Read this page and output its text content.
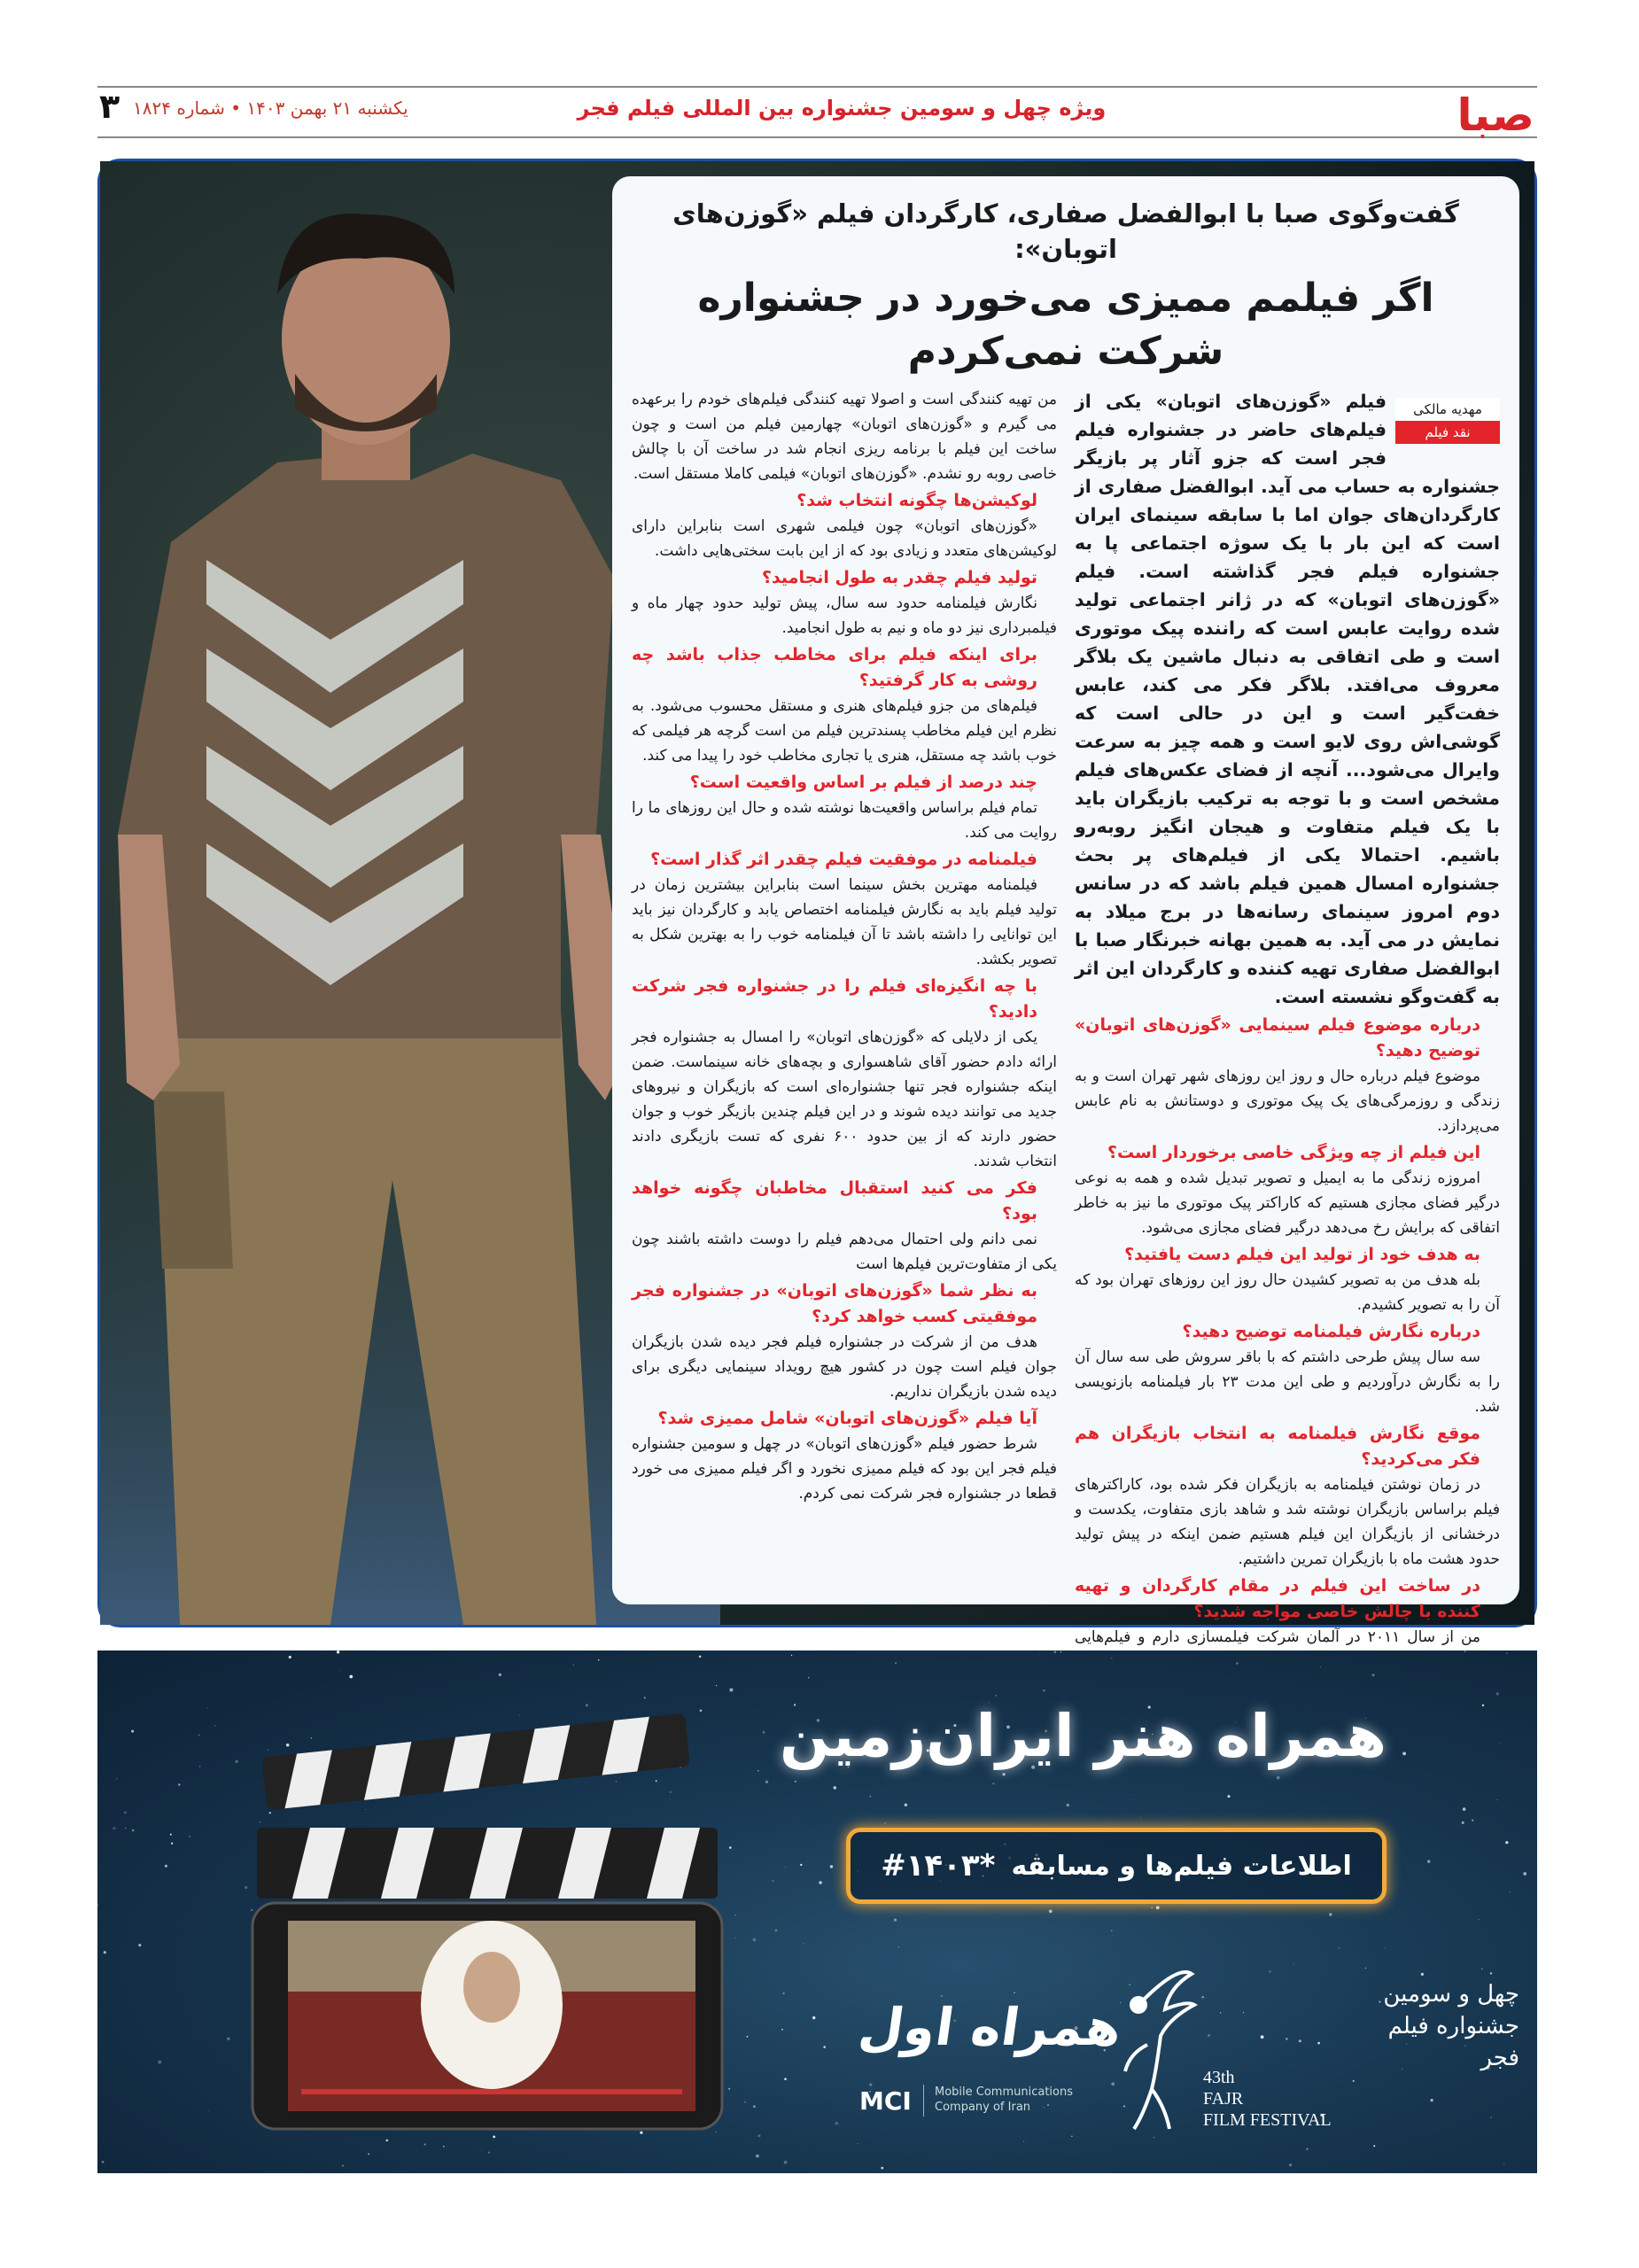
صبا
ویژه چهل و سومین جشنواره بین المللی فیلم فجر
یکشنبه ۲۱ بهمن ۱۴۰۳ • شماره ۱۸۲۴
۳
گفت‌وگوی صبا با ابوالفضل صفاری، کارگردان فیلم «گوزن‌های اتوبان»:
اگر فیلمم ممیزی می‌خورد در جشنواره شرکت نمی‌کردم
مهدیه مالکی
نقد فیلم

فیلم «گوزن‌های اتوبان» یکی از فیلم‌های حاضر در جشنواره فیلم فجر است که جزو آثار پر بازیگر جشنواره به حساب می آید. ابوالفضل صفاری از کارگردان‌های جوان اما با سابقه سینمای ایران است که این بار با یک سوژه اجتماعی پا به جشنواره فیلم فجر گذاشته است. فیلم «گوزن‌های اتوبان» که در ژانر اجتماعی تولید شده روایت عابس است که راننده پیک موتوری است و طی اتفاقی به دنبال ماشین یک بلاگر معروف می‌افتد. بلاگر فکر می کند، عابس خفت‌گیر است و این در حالی است که گوشی‌اش روی لایو است و همه چیز به سرعت وایرال می‌شود... آنچه از فضای عکس‌های فیلم مشخص است و با توجه به ترکیب بازیگران باید با یک فیلم متفاوت و هیجان انگیز روبه‌رو باشیم. احتمالا یکی از فیلم‌های پر بحث جشنواره امسال همین فیلم باشد که در سانس دوم امروز سینمای رسانه‌ها در برج میلاد به نمایش در می آید. به همین بهانه خبرنگار صبا با ابوالفضل صفاری تهیه کننده و کارگردان این اثر به گفت‌وگو نشسته است.

درباره موضوع فیلم سینمایی «گوزن‌های اتوبان» توضیح دهید؟

موضوع فیلم درباره حال و روز این روزهای شهر تهران است و به زندگی و روزمرگی‌های یک پیک موتوری و دوستانش به نام عابس می‌پردازد.

این فیلم از چه ویژگی خاصی برخوردار است؟

امروزه زندگی ما به ایمیل و تصویر تبدیل شده و همه به نوعی درگیر فضای مجازی هستیم که کاراکتر پیک موتوری ما نیز به خاطر اتفاقی که برایش رخ می‌دهد درگیر فضای مجازی می‌شود.

به هدف خود از تولید این فیلم دست یافتید؟

بله هدف من به تصویر کشیدن حال روز این روزهای تهران بود که آن را به تصویر کشیدم.

درباره نگارش فیلمنامه توضیح دهید؟

سه سال پیش طرحی داشتم که با باقر سروش طی سه سال آن را به نگارش درآوردیم و طی این مدت ۲۳ بار فیلمنامه بازنویسی شد.

موقع نگارش فیلمنامه به انتخاب بازیگران هم فکر می‌کردید؟

در زمان نوشتن فیلمنامه به بازیگران فکر شده بود، کاراکترهای فیلم براساس بازیگران نوشته شد و شاهد بازی متفاوت، یکدست و درخشانی از بازیگران این فیلم هستیم ضمن اینکه در پیش تولید حدود هشت ماه با بازیگران تمرین داشتیم.

در ساخت این فیلم در مقام کارگردان و تهیه کننده با چالش خاصی مواجه شدید؟

من از سال ۲۰۱۱ در آلمان شرکت فیلمسازی دارم و فیلم‌هایی

من تهیه کنندگی است و اصولا تهیه کنندگی فیلم‌های خودم را برعهده می گیرم و «گوزن‌های اتوبان» چهارمین فیلم من است و چون ساخت این فیلم با برنامه ریزی انجام شد در ساخت آن با چالش خاصی روبه رو نشدم. «گوزن‌های اتوبان» فیلمی کاملا مستقل است.

لوکیشن‌ها چگونه انتخاب شد؟

«گوزن‌های اتوبان» چون فیلمی شهری است بنابراین دارای لوکیشن‌های متعدد و زیادی بود که از این بابت سختی‌هایی داشت.

تولید فیلم چقدر به طول انجامید؟

نگارش فیلمنامه حدود سه سال، پیش تولید حدود چهار ماه و فیلمبرداری نیز دو ماه و نیم به طول انجامید.

برای اینکه فیلم برای مخاطب جذاب باشد چه روشی به کار گرفتید؟

فیلم‌های من جزو فیلم‌های هنری و مستقل محسوب می‌شود. به نظرم این فیلم مخاطب پسندترین فیلم من است گرچه هر فیلمی که خوب باشد چه مستقل، هنری یا تجاری مخاطب خود را پیدا می کند.

چند درصد از فیلم بر اساس واقعیت است؟

تمام فیلم براساس واقعیت‌ها نوشته شده و حال این روزهای ما را روایت می کند.

فیلمنامه در موفقیت فیلم چقدر اثر گذار است؟

فیلمنامه مهترین بخش سینما است بنابراین بیشترین زمان در تولید فیلم باید به نگارش فیلمنامه اختصاص یابد و کارگردان نیز باید این توانایی را داشته باشد تا آن فیلمنامه خوب را به بهترین شکل به تصویر بکشد.

با چه انگیزه‌ای فیلم را در جشنواره فجر شرکت دادید؟

یکی از دلایلی که «گوزن‌های اتوبان» را امسال به جشنواره فجر ارائه دادم حضور آقای شاهسواری و بچه‌های خانه سینماست. ضمن اینکه جشنواره فجر تنها جشنواره‌ای است که بازیگران و نیروهای جدید می توانند دیده شوند و در این فیلم چندین بازیگر خوب و جوان حضور دارند که از بین حدود ۶۰۰ نفری که تست بازیگری دادند انتخاب شدند.

فکر می کنید استقبال مخاطبان چگونه خواهد بود؟

نمی دانم ولی احتمال می‌دهم فیلم را دوست داشته باشند چون یکی از متفاوت‌ترین فیلم‌ها است

به نظر شما «گوزن‌های اتوبان» در جشنواره فجر موفقیتی کسب خواهد کرد؟

هدف من از شرکت در جشنواره فیلم فجر دیده شدن بازیگران جوان فیلم است چون در کشور هیچ رویداد سینمایی دیگری برای دیده شدن بازیگران نداریم.

آیا فیلم «گوزن‌های اتوبان» شامل ممیزی شد؟

شرط حضور فیلم «گوزن‌های اتوبان» در چهل و سومین جشنواره فیلم فجر این بود که فیلم ممیزی نخورد و اگر فیلم ممیزی می خورد قطعا در جشنواره فجر شرکت نمی کردم.

همراه هنر ایران‌زمین
اطلاعات فیلم‌ها و مسابقه
#۱۴۰۳*
همراه اول
MCI Mobile Communications Company of Iran
43th
FAJR
FILM FESTIVAL
چهل و سومین جشنواره فیلم فجر
